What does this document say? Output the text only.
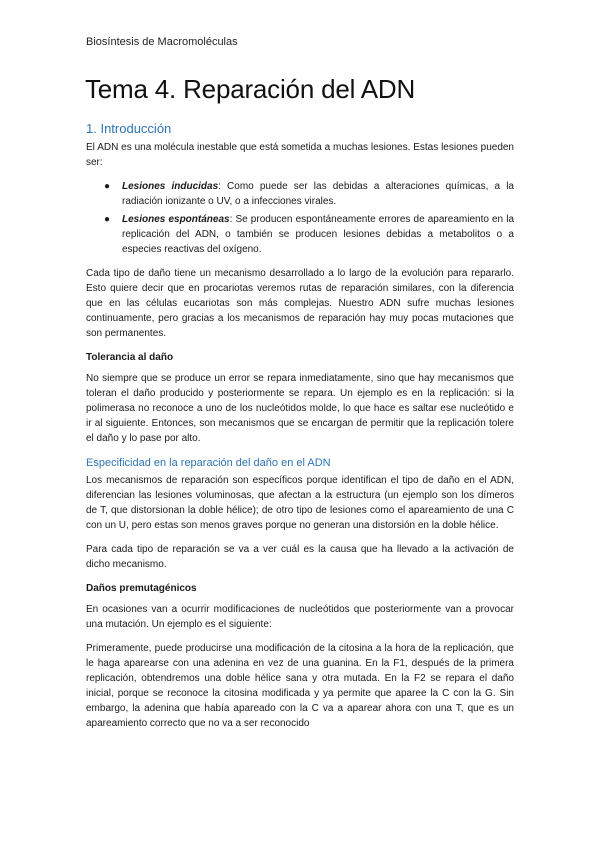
Biosíntesis de Macromoléculas
Tema 4. Reparación del ADN
1. Introducción

El ADN es una molécula inestable que está sometida a muchas lesiones. Estas lesiones pueden ser:

● Lesiones inducidas: Como puede ser las debidas a alteraciones químicas, a la radiación ionizante o UV, o a infecciones virales.
● Lesiones espontáneas: Se producen espontáneamente errores de apareamiento en la replicación del ADN, o también se producen lesiones debidas a metabolitos o a especies reactivas del oxígeno.

Cada tipo de daño tiene un mecanismo desarrollado a lo largo de la evolución para repararlo. Esto quiere decir que en procariotas veremos rutas de reparación similares, con la diferencia que en las células eucariotas son más complejas. Nuestro ADN sufre muchas lesiones continuamente, pero gracias a los mecanismos de reparación hay muy pocas mutaciones que son permanentes.

Tolerancia al daño

No siempre que se produce un error se repara inmediatamente, sino que hay mecanismos que toleran el daño producido y posteriormente se repara. Un ejemplo es en la replicación: si la polimerasa no reconoce a uno de los nucleótidos molde, lo que hace es saltar ese nucleótido e ir al siguiente. Entonces, son mecanismos que se encargan de permitir que la replicación tolere el daño y lo pase por alto.

Especificidad en la reparación del daño en el ADN

Los mecanismos de reparación son específicos porque identifican el tipo de daño en el ADN, diferencian las lesiones voluminosas, que afectan a la estructura (un ejemplo son los dímeros de T, que distorsionan la doble hélice); de otro tipo de lesiones como el apareamiento de una C con un U, pero estas son menos graves porque no generan una distorsión en la doble hélice.

Para cada tipo de reparación se va a ver cuál es la causa que ha llevado a la activación de dicho mecanismo.

Daños premutagénicos

En ocasiones van a ocurrir modificaciones de nucleótidos que posteriormente van a provocar una mutación. Un ejemplo es el siguiente:

Primeramente, puede producirse una modificación de la citosina a la hora de la replicación, que le haga aparearse con una adenina en vez de una guanina. En la F1, después de la primera replicación, obtendremos una doble hélice sana y otra mutada. En la F2 se repara el daño inicial, porque se reconoce la citosina modificada y ya permite que aparee la C con la G. Sin embargo, la adenina que había apareado con la C va a aparear ahora con una T, que es un apareamiento correcto que no va a ser reconocido
